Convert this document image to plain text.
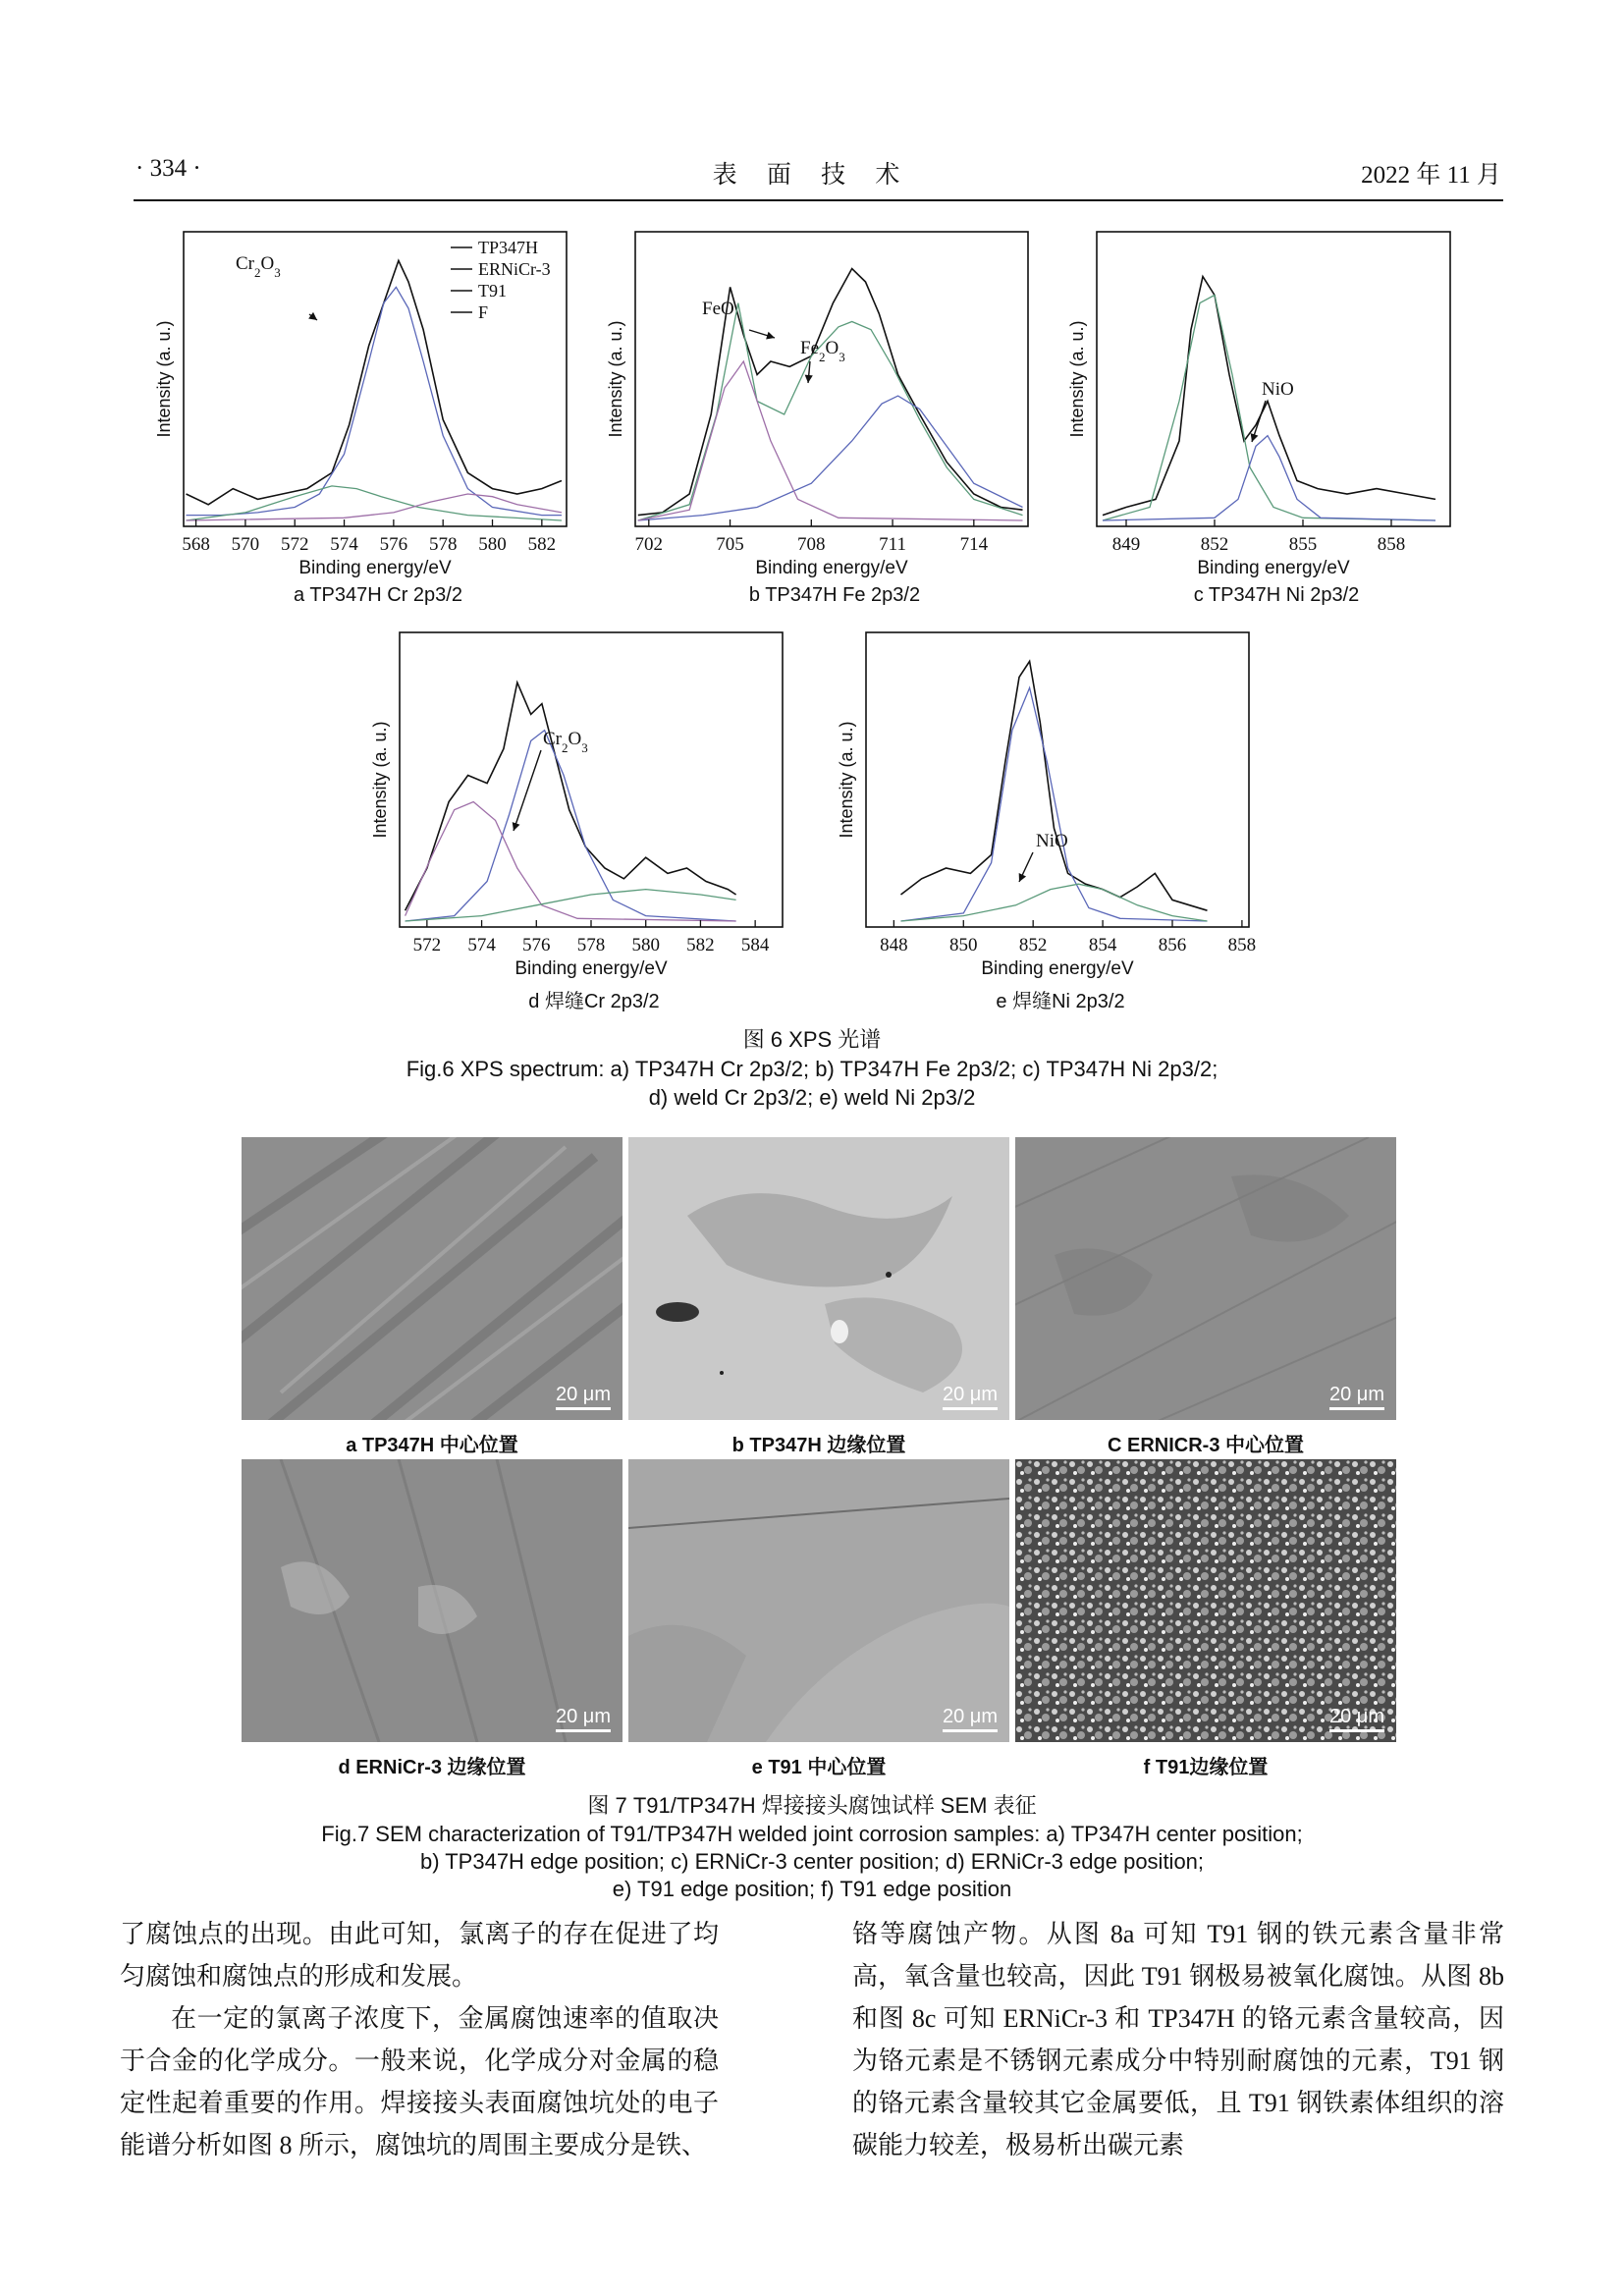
· 334 ·	表 面 技 术	2022 年 11 月
568 570 572 574 576 578 580 582
Binding energy/eV
Intensity (a. u.)
TP347H
ERNiCr-3
T91
F
$Cr_2O_3$
a TP347H Cr 2p3/2
702	705	708	711	714
Binding energy/eV
Intensity (a. u.)
FeO
$Fe_2O_3$
b TP347H Fe 2p3/2
849	852	855	858
Binding energy/eV
Intensity (a. u.)	NiO
c TP347H Ni 2p3/2
572 574 576 578 580 582 584
Binding energy/eV
Intensity (a. u.)	$Cr_2O_3$
d 焊缝Cr 2p3/2
848 850 852 854 856 858
Binding energy/eV
Intensity (a. u.)
NiO
e 焊缝Ni 2p3/2
图 6 XPS 光谱
Fig.6 XPS spectrum: a) TP347H Cr 2p3/2; b) TP347H Fe 2p3/2; c) TP347H Ni 2p3/2;
d) weld Cr 2p3/2; e) weld Ni 2p3/2
20 μm
a TP347H 中心位置
20 μm
b TP347H 边缘位置
20 μm
C ERNICR-3 中心位置
20 μm
d ERNiCr-3 边缘位置
20 μm
e T91 中心位置
20 μm
f T91边缘位置
图 7 T91/TP347H 焊接接头腐蚀试样 SEM 表征
Fig.7 SEM characterization of T91/TP347H welded joint corrosion samples: a) TP347H center position;
b) TP347H edge position; c) ERNiCr-3 center position; d) ERNiCr-3 edge position;
e) T91 edge position; f) T91 edge position

了腐蚀点的出现。由此可知，氯离子的存在促进了均匀腐蚀和腐蚀点的形成和发展。

在一定的氯离子浓度下，金属腐蚀速率的值取决于合金的化学成分。一般来说，化学成分对金属的稳定性起着重要的作用。焊接接头表面腐蚀坑处的电子能谱分析如图 8 所示，腐蚀坑的周围主要成分是铁、

铬等腐蚀产物。从图 8a 可知 T91 钢的铁元素含量非常高，氧含量也较高，因此 T91 钢极易被氧化腐蚀。从图 8b 和图 8c 可知 ERNiCr-3 和 TP347H 的铬元素含量较高，因为铬元素是不锈钢元素成分中特别耐腐蚀的元素，T91 钢的铬元素含量较其它金属要低，且 T91 钢铁素体组织的溶碳能力较差，极易析出碳元素
